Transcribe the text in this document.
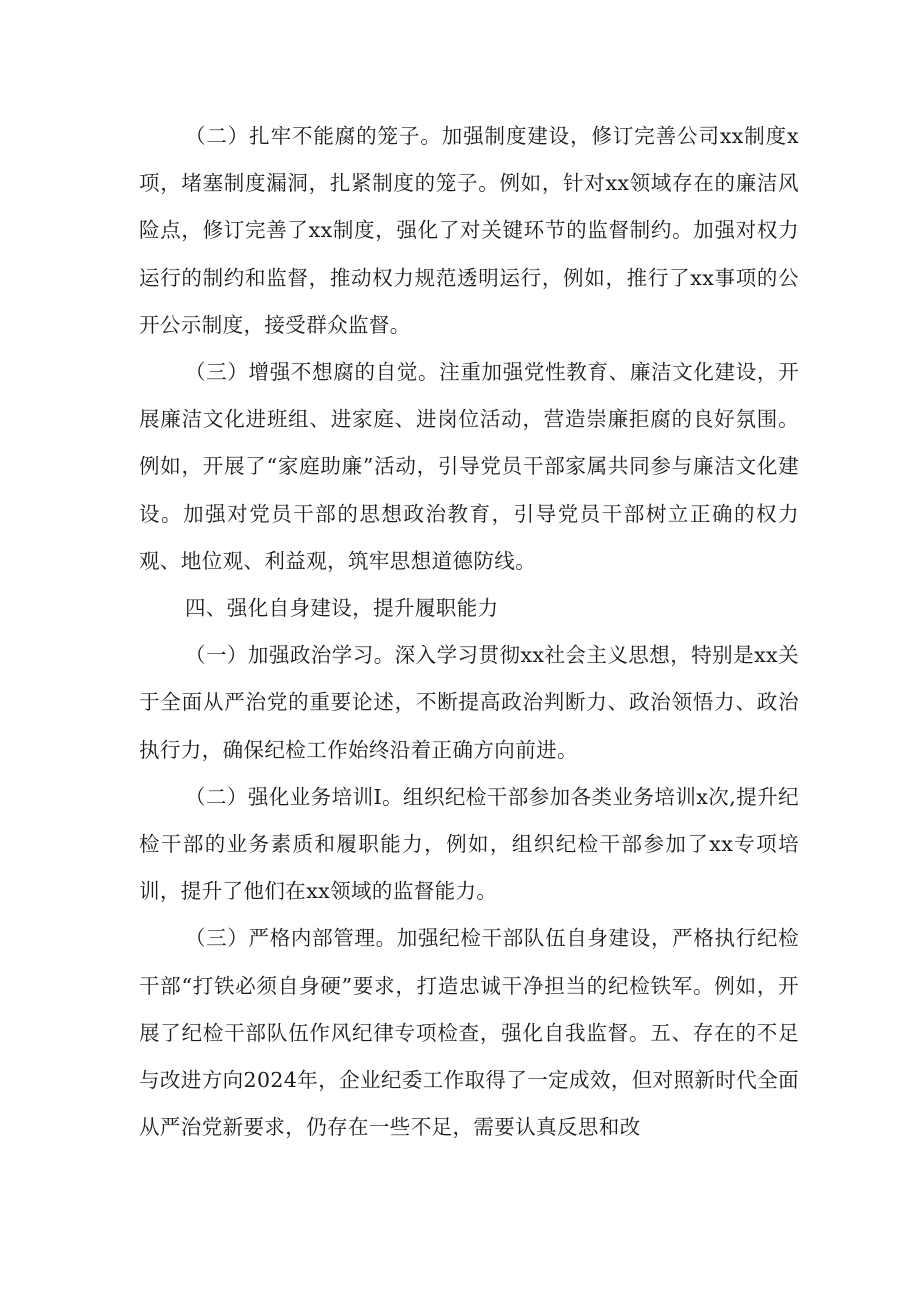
（二）扎牢不能腐的笼子。加强制度建设，修订完善公司xx制度x项，堵塞制度漏洞，扎紧制度的笼子。例如，针对xx领域存在的廉洁风险点，修订完善了xx制度，强化了对关键环节的监督制约。加强对权力运行的制约和监督，推动权力规范透明运行，例如，推行了xx事项的公开公示制度，接受群众监督。

（三）增强不想腐的自觉。注重加强党性教育、廉洁文化建设，开展廉洁文化进班组、进家庭、进岗位活动，营造崇廉拒腐的良好氛围。例如，开展了“家庭助廉”活动，引导党员干部家属共同参与廉洁文化建设。加强对党员干部的思想政治教育，引导党员干部树立正确的权力观、地位观、利益观，筑牢思想道德防线。

四、强化自身建设，提升履职能力

（一）加强政治学习。深入学习贯彻xx社会主义思想，特别是xx关于全面从严治党的重要论述，不断提高政治判断力、政治领悟力、政治执行力，确保纪检工作始终沿着正确方向前进。

（二）强化业务培训I。组织纪检干部参加各类业务培训x次,提升纪检干部的业务素质和履职能力，例如，组织纪检干部参加了xx专项培训，提升了他们在xx领域的监督能力。

（三）严格内部管理。加强纪检干部队伍自身建设，严格执行纪检干部“打铁必须自身硬”要求，打造忠诚干净担当的纪检铁军。例如，开展了纪检干部队伍作风纪律专项检查，强化自我监督。五、存在的不足与改进方向2024年，企业纪委工作取得了一定成效，但对照新时代全面从严治党新要求，仍存在一些不足，需要认真反思和改
